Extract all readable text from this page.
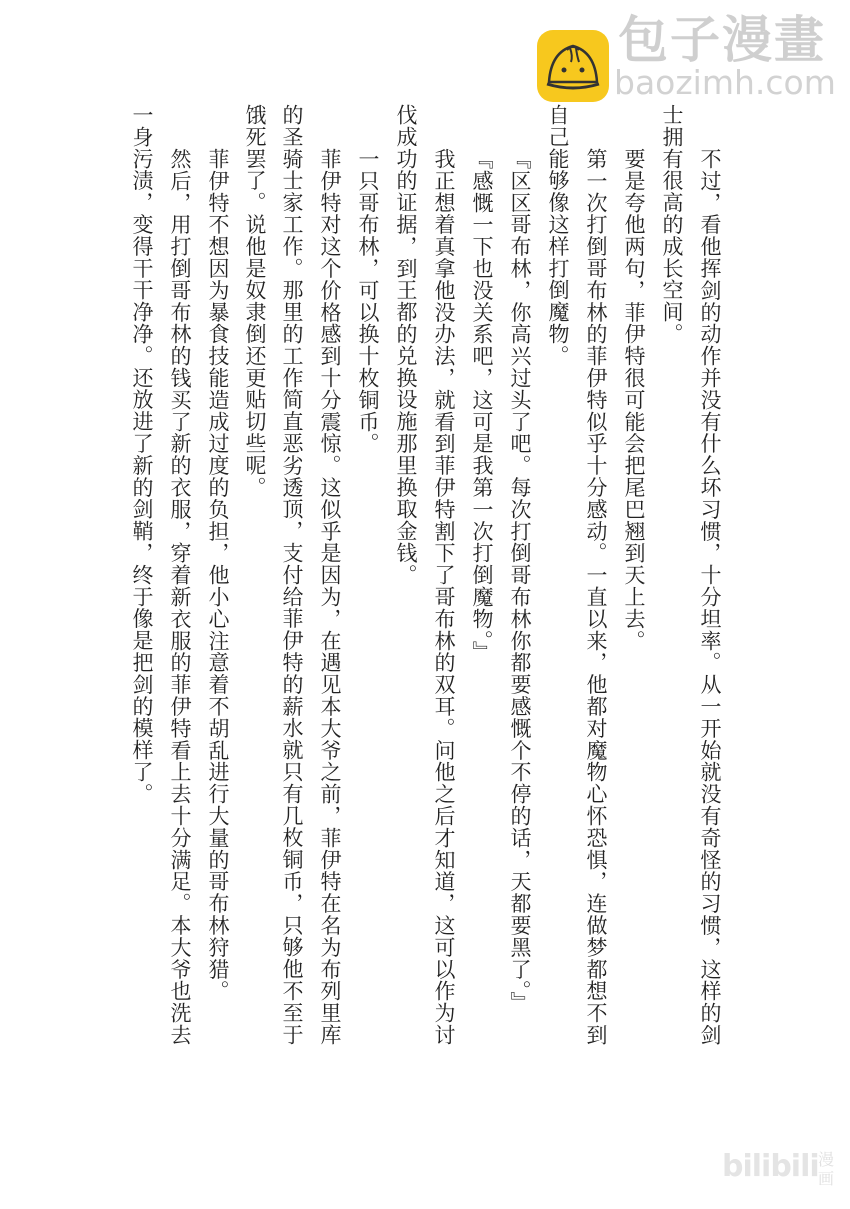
包子漫畫
baozimh.com
不过，看他挥剑的动作并没有什么坏习惯，十分坦率。从一开始就没有奇怪的习惯，这样的剑
士拥有很高的成长空间。
要是夸他两句，菲伊特很可能会把尾巴翘到天上去。
第一次打倒哥布林的菲伊特似乎十分感动。一直以来，他都对魔物心怀恐惧，连做梦都想不到
自己能够像这样打倒魔物。
『区区哥布林，你高兴过头了吧。每次打倒哥布林你都要感慨个不停的话，天都要黑了。』
『感慨一下也没关系吧，这可是我第一次打倒魔物。』
我正想着真拿他没办法，就看到菲伊特割下了哥布林的双耳。问他之后才知道，这可以作为讨
伐成功的证据，到王都的兑换设施那里换取金钱。
一只哥布林，可以换十枚铜币。
菲伊特对这个价格感到十分震惊。这似乎是因为，在遇见本大爷之前，菲伊特在名为布列里库
的圣骑士家工作。那里的工作简直恶劣透顶，支付给菲伊特的薪水就只有几枚铜币，只够他不至于
饿死罢了。说他是奴隶倒还更贴切些呢。
菲伊特不想因为暴食技能造成过度的负担，他小心注意着不胡乱进行大量的哥布林狩猎。
然后，用打倒哥布林的钱买了新的衣服，穿着新衣服的菲伊特看上去十分满足。本大爷也洗去
一身污渍，变得干干净净。还放进了新的剑鞘，终于像是把剑的模样了。
bilibili 漫画
